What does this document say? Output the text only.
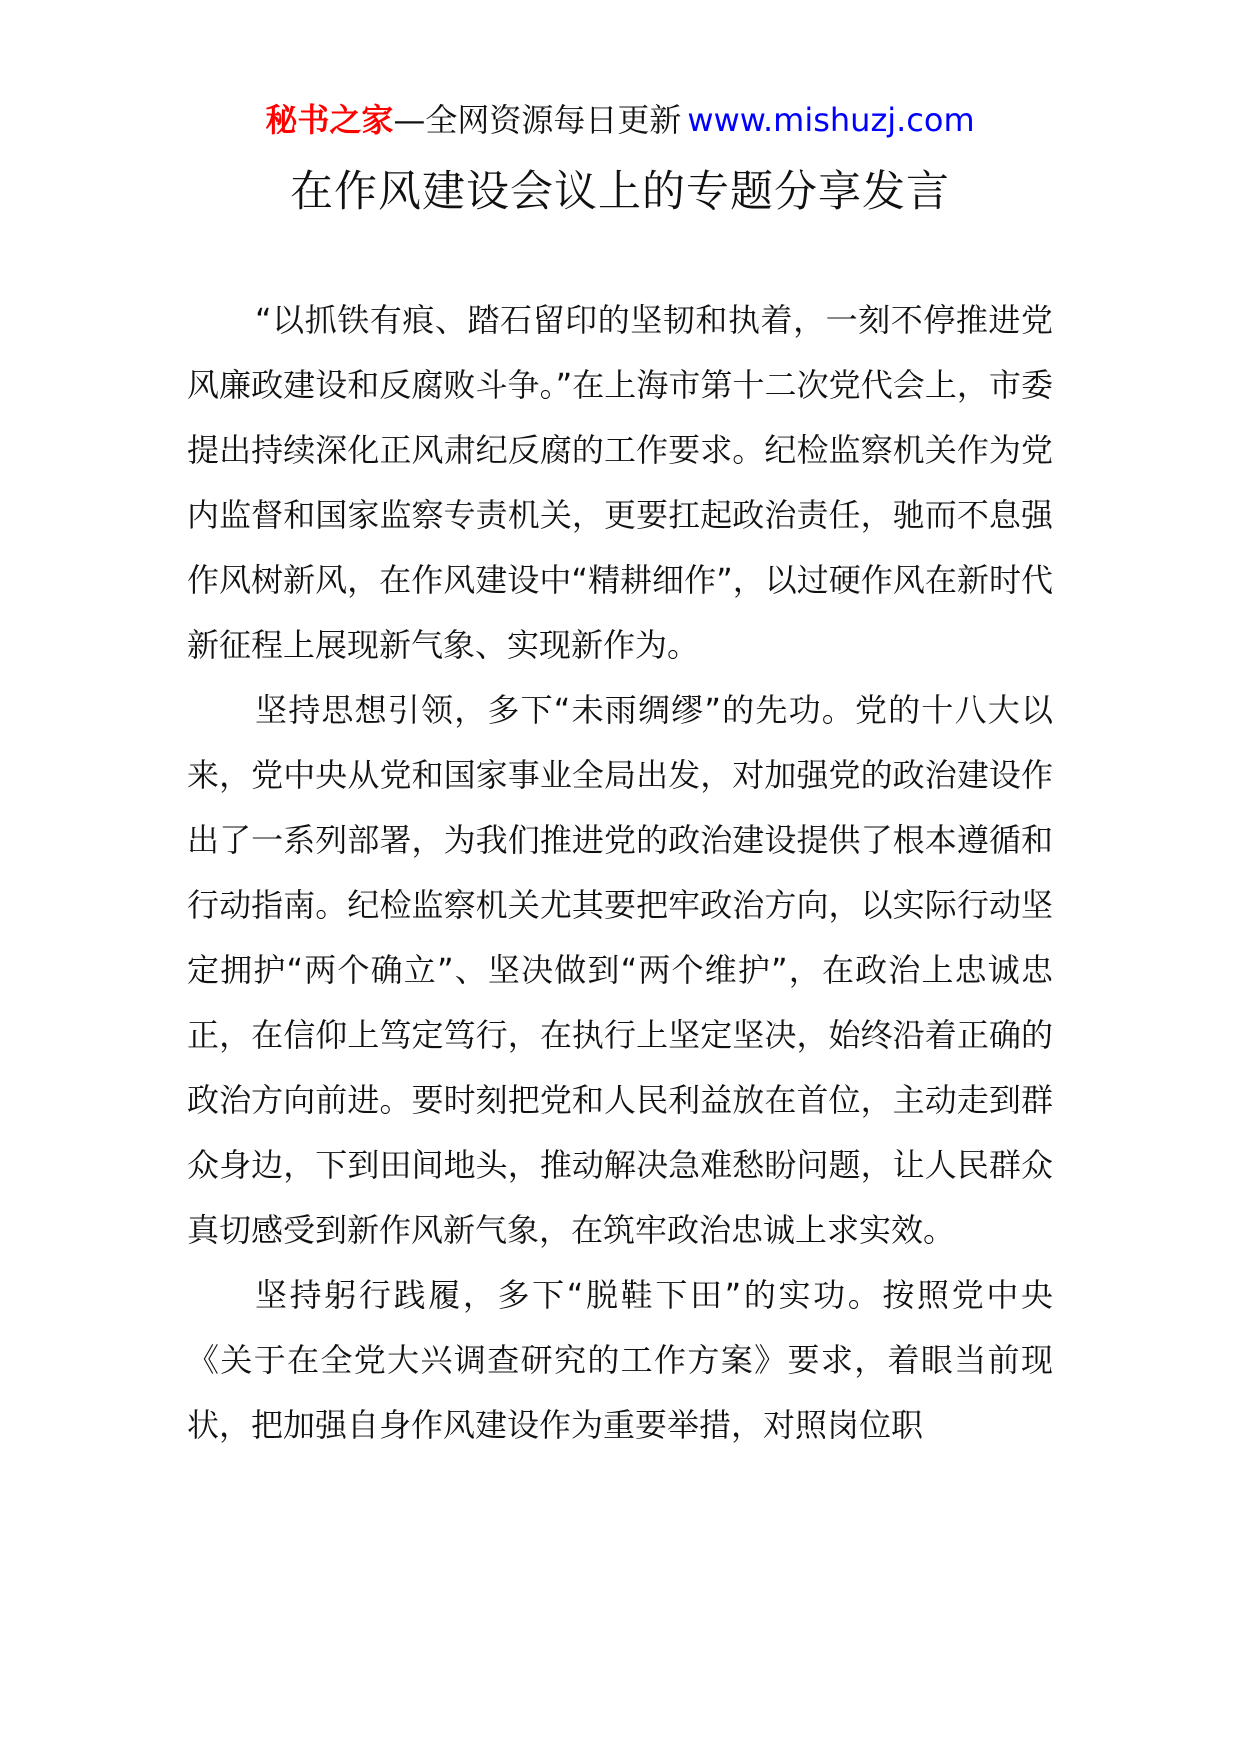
秘书之家—全网资源每日更新 www.mishuzj.com
在作风建设会议上的专题分享发言

“以抓铁有痕、踏石留印的坚韧和执着，一刻不停推进党风廉政建设和反腐败斗争。”在上海市第十二次党代会上，市委提出持续深化正风肃纪反腐的工作要求。纪检监察机关作为党内监督和国家监察专责机关，更要扛起政治责任，驰而不息强作风树新风，在作风建设中“精耕细作”，以过硬作风在新时代新征程上展现新气象、实现新作为。

坚持思想引领，多下“未雨绸缪”的先功。党的十八大以来，党中央从党和国家事业全局出发，对加强党的政治建设作出了一系列部署，为我们推进党的政治建设提供了根本遵循和行动指南。纪检监察机关尤其要把牢政治方向，以实际行动坚定拥护“两个确立”、坚决做到“两个维护”，在政治上忠诚忠正，在信仰上笃定笃行，在执行上坚定坚决，始终沿着正确的政治方向前进。要时刻把党和人民利益放在首位，主动走到群众身边，下到田间地头，推动解决急难愁盼问题，让人民群众真切感受到新作风新气象，在筑牢政治忠诚上求实效。

坚持躬行践履，多下“脱鞋下田”的实功。按照党中央《关于在全党大兴调查研究的工作方案》要求，着眼当前现状，把加强自身作风建设作为重要举措，对照岗位职
